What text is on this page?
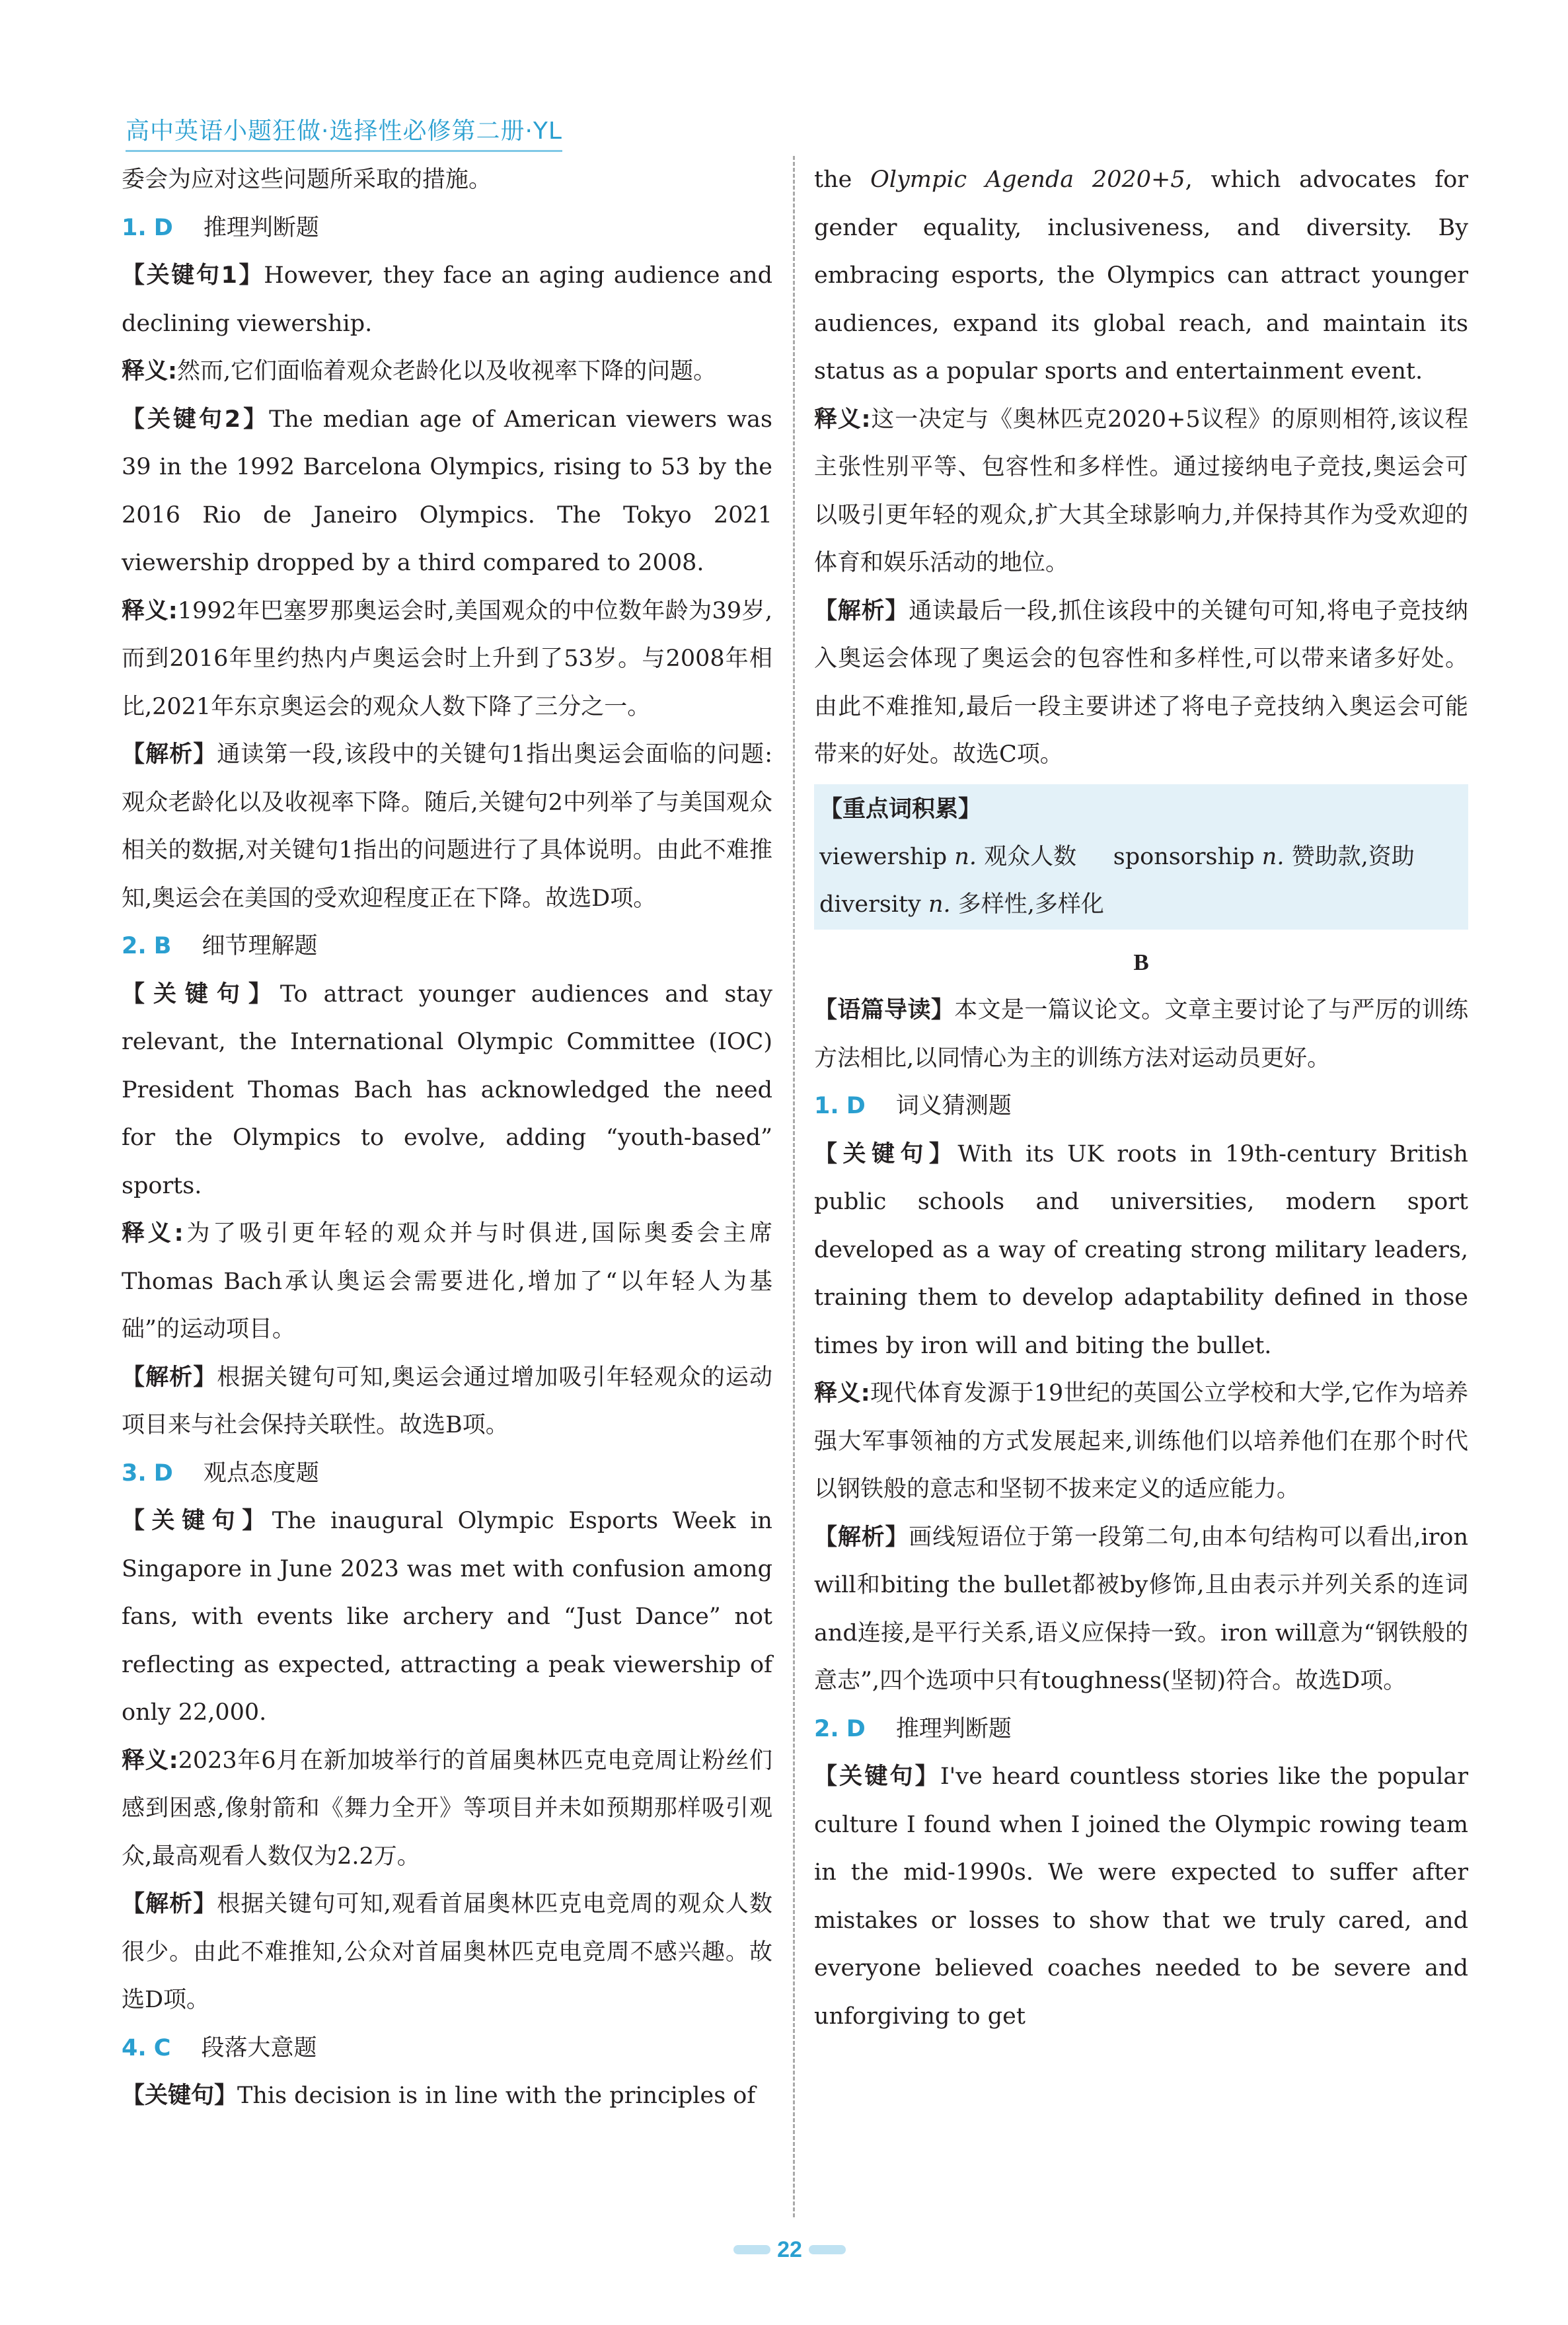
高中英语小题狂做·选择性必修第二册·YL

委会为应对这些问题所采取的措施。

1. D 推理判断题

【关键句1】However, they face an aging audience and declining viewership.

释义:然而,它们面临着观众老龄化以及收视率下降的问题。

【关键句2】The median age of American viewers was 39 in the 1992 Barcelona Olympics, rising to 53 by the 2016 Rio de Janeiro Olympics. The Tokyo 2021 viewership dropped by a third compared to 2008.

释义:1992年巴塞罗那奥运会时,美国观众的中位数年龄为39岁,而到2016年里约热内卢奥运会时上升到了53岁。与2008年相比,2021年东京奥运会的观众人数下降了三分之一。

【解析】通读第一段,该段中的关键句1指出奥运会面临的问题:观众老龄化以及收视率下降。随后,关键句2中列举了与美国观众相关的数据,对关键句1指出的问题进行了具体说明。由此不难推知,奥运会在美国的受欢迎程度正在下降。故选D项。

2. B 细节理解题

【关键句】To attract younger audiences and stay relevant, the International Olympic Committee (IOC) President Thomas Bach has acknowledged the need for the Olympics to evolve, adding “youth-based” sports.

释义:为了吸引更年轻的观众并与时俱进,国际奥委会主席Thomas Bach承认奥运会需要进化,增加了“以年轻人为基础”的运动项目。

【解析】根据关键句可知,奥运会通过增加吸引年轻观众的运动项目来与社会保持关联性。故选B项。

3. D 观点态度题

【关键句】The inaugural Olympic Esports Week in Singapore in June 2023 was met with confusion among fans, with events like archery and “Just Dance” not reflecting as expected, attracting a peak viewership of only 22,000.

释义:2023年6月在新加坡举行的首届奥林匹克电竞周让粉丝们感到困惑,像射箭和《舞力全开》等项目并未如预期那样吸引观众,最高观看人数仅为2.2万。

【解析】根据关键句可知,观看首届奥林匹克电竞周的观众人数很少。由此不难推知,公众对首届奥林匹克电竞周不感兴趣。故选D项。

4. C 段落大意题

【关键句】This decision is in line with the principles of

the Olympic Agenda 2020+5, which advocates for gender equality, inclusiveness, and diversity. By embracing esports, the Olympics can attract younger audiences, expand its global reach, and maintain its status as a popular sports and entertainment event.

释义:这一决定与《奥林匹克2020+5议程》的原则相符,该议程主张性别平等、包容性和多样性。通过接纳电子竞技,奥运会可以吸引更年轻的观众,扩大其全球影响力,并保持其作为受欢迎的体育和娱乐活动的地位。

【解析】通读最后一段,抓住该段中的关键句可知,将电子竞技纳入奥运会体现了奥运会的包容性和多样性,可以带来诸多好处。由此不难推知,最后一段主要讲述了将电子竞技纳入奥运会可能带来的好处。故选C项。

【重点词积累】

viewership n. 观众人数 sponsorship n. 赞助款,资助

diversity n. 多样性,多样化

B

【语篇导读】本文是一篇议论文。文章主要讨论了与严厉的训练方法相比,以同情心为主的训练方法对运动员更好。

1. D 词义猜测题

【关键句】With its UK roots in 19th-century British public schools and universities, modern sport developed as a way of creating strong military leaders, training them to develop adaptability defined in those times by iron will and biting the bullet.

释义:现代体育发源于19世纪的英国公立学校和大学,它作为培养强大军事领袖的方式发展起来,训练他们以培养他们在那个时代以钢铁般的意志和坚韧不拔来定义的适应能力。

【解析】画线短语位于第一段第二句,由本句结构可以看出,iron will和biting the bullet都被by修饰,且由表示并列关系的连词and连接,是平行关系,语义应保持一致。iron will意为“钢铁般的意志”,四个选项中只有toughness(坚韧)符合。故选D项。

2. D 推理判断题

【关键句】I've heard countless stories like the popular culture I found when I joined the Olympic rowing team in the mid-1990s. We were expected to suffer after mistakes or losses to show that we truly cared, and everyone believed coaches needed to be severe and unforgiving to get

22
